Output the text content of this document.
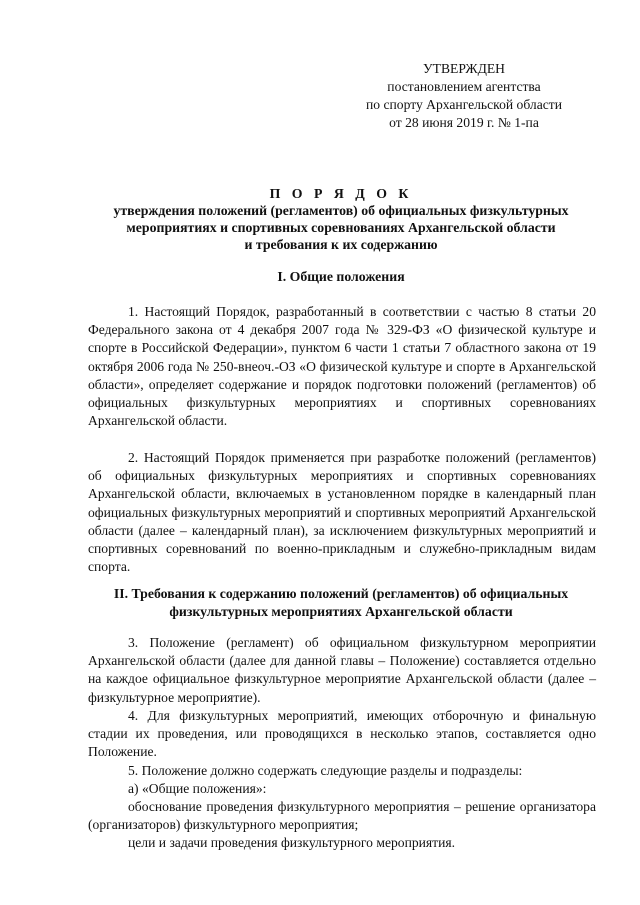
УТВЕРЖДЕН
постановлением агентства
по спорту Архангельской области
от 28 июня 2019 г. № 1-па
П О Р Я Д О К
утверждения положений (регламентов) об официальных физкультурных
мероприятиях и спортивных соревнованиях Архангельской области
и требования к их содержанию
I. Общие положения
1. Настоящий Порядок, разработанный в соответствии с частью 8 статьи 20 Федерального закона от 4 декабря 2007 года № 329-ФЗ «О физической культуре и спорте в Российской Федерации», пунктом 6 части 1 статьи 7 областного закона от 19 октября 2006 года № 250-внеоч.-ОЗ «О физической культуре и спорте в Архангельской области», определяет содержание и порядок подготовки положений (регламентов) об официальных физкультурных мероприятиях и спортивных соревнованиях Архангельской области.
2. Настоящий Порядок применяется при разработке положений (регламентов) об официальных физкультурных мероприятиях и спортивных соревнованиях Архангельской области, включаемых в установленном порядке в календарный план официальных физкультурных мероприятий и спортивных мероприятий Архангельской области (далее – календарный план), за исключением физкультурных мероприятий и спортивных соревнований по военно-прикладным и служебно-прикладным видам спорта.
II. Требования к содержанию положений (регламентов) об официальных
физкультурных мероприятиях Архангельской области
3. Положение (регламент) об официальном физкультурном мероприятии Архангельской области (далее для данной главы – Положение) составляется отдельно на каждое официальное физкультурное мероприятие Архангельской области (далее – физкультурное мероприятие).
4. Для физкультурных мероприятий, имеющих отборочную и финальную стадии их проведения, или проводящихся в несколько этапов, составляется одно Положение.
5. Положение должно содержать следующие разделы и подразделы:
а) «Общие положения»:
обоснование проведения физкультурного мероприятия – решение организатора (организаторов) физкультурного мероприятия;
цели и задачи проведения физкультурного мероприятия.
